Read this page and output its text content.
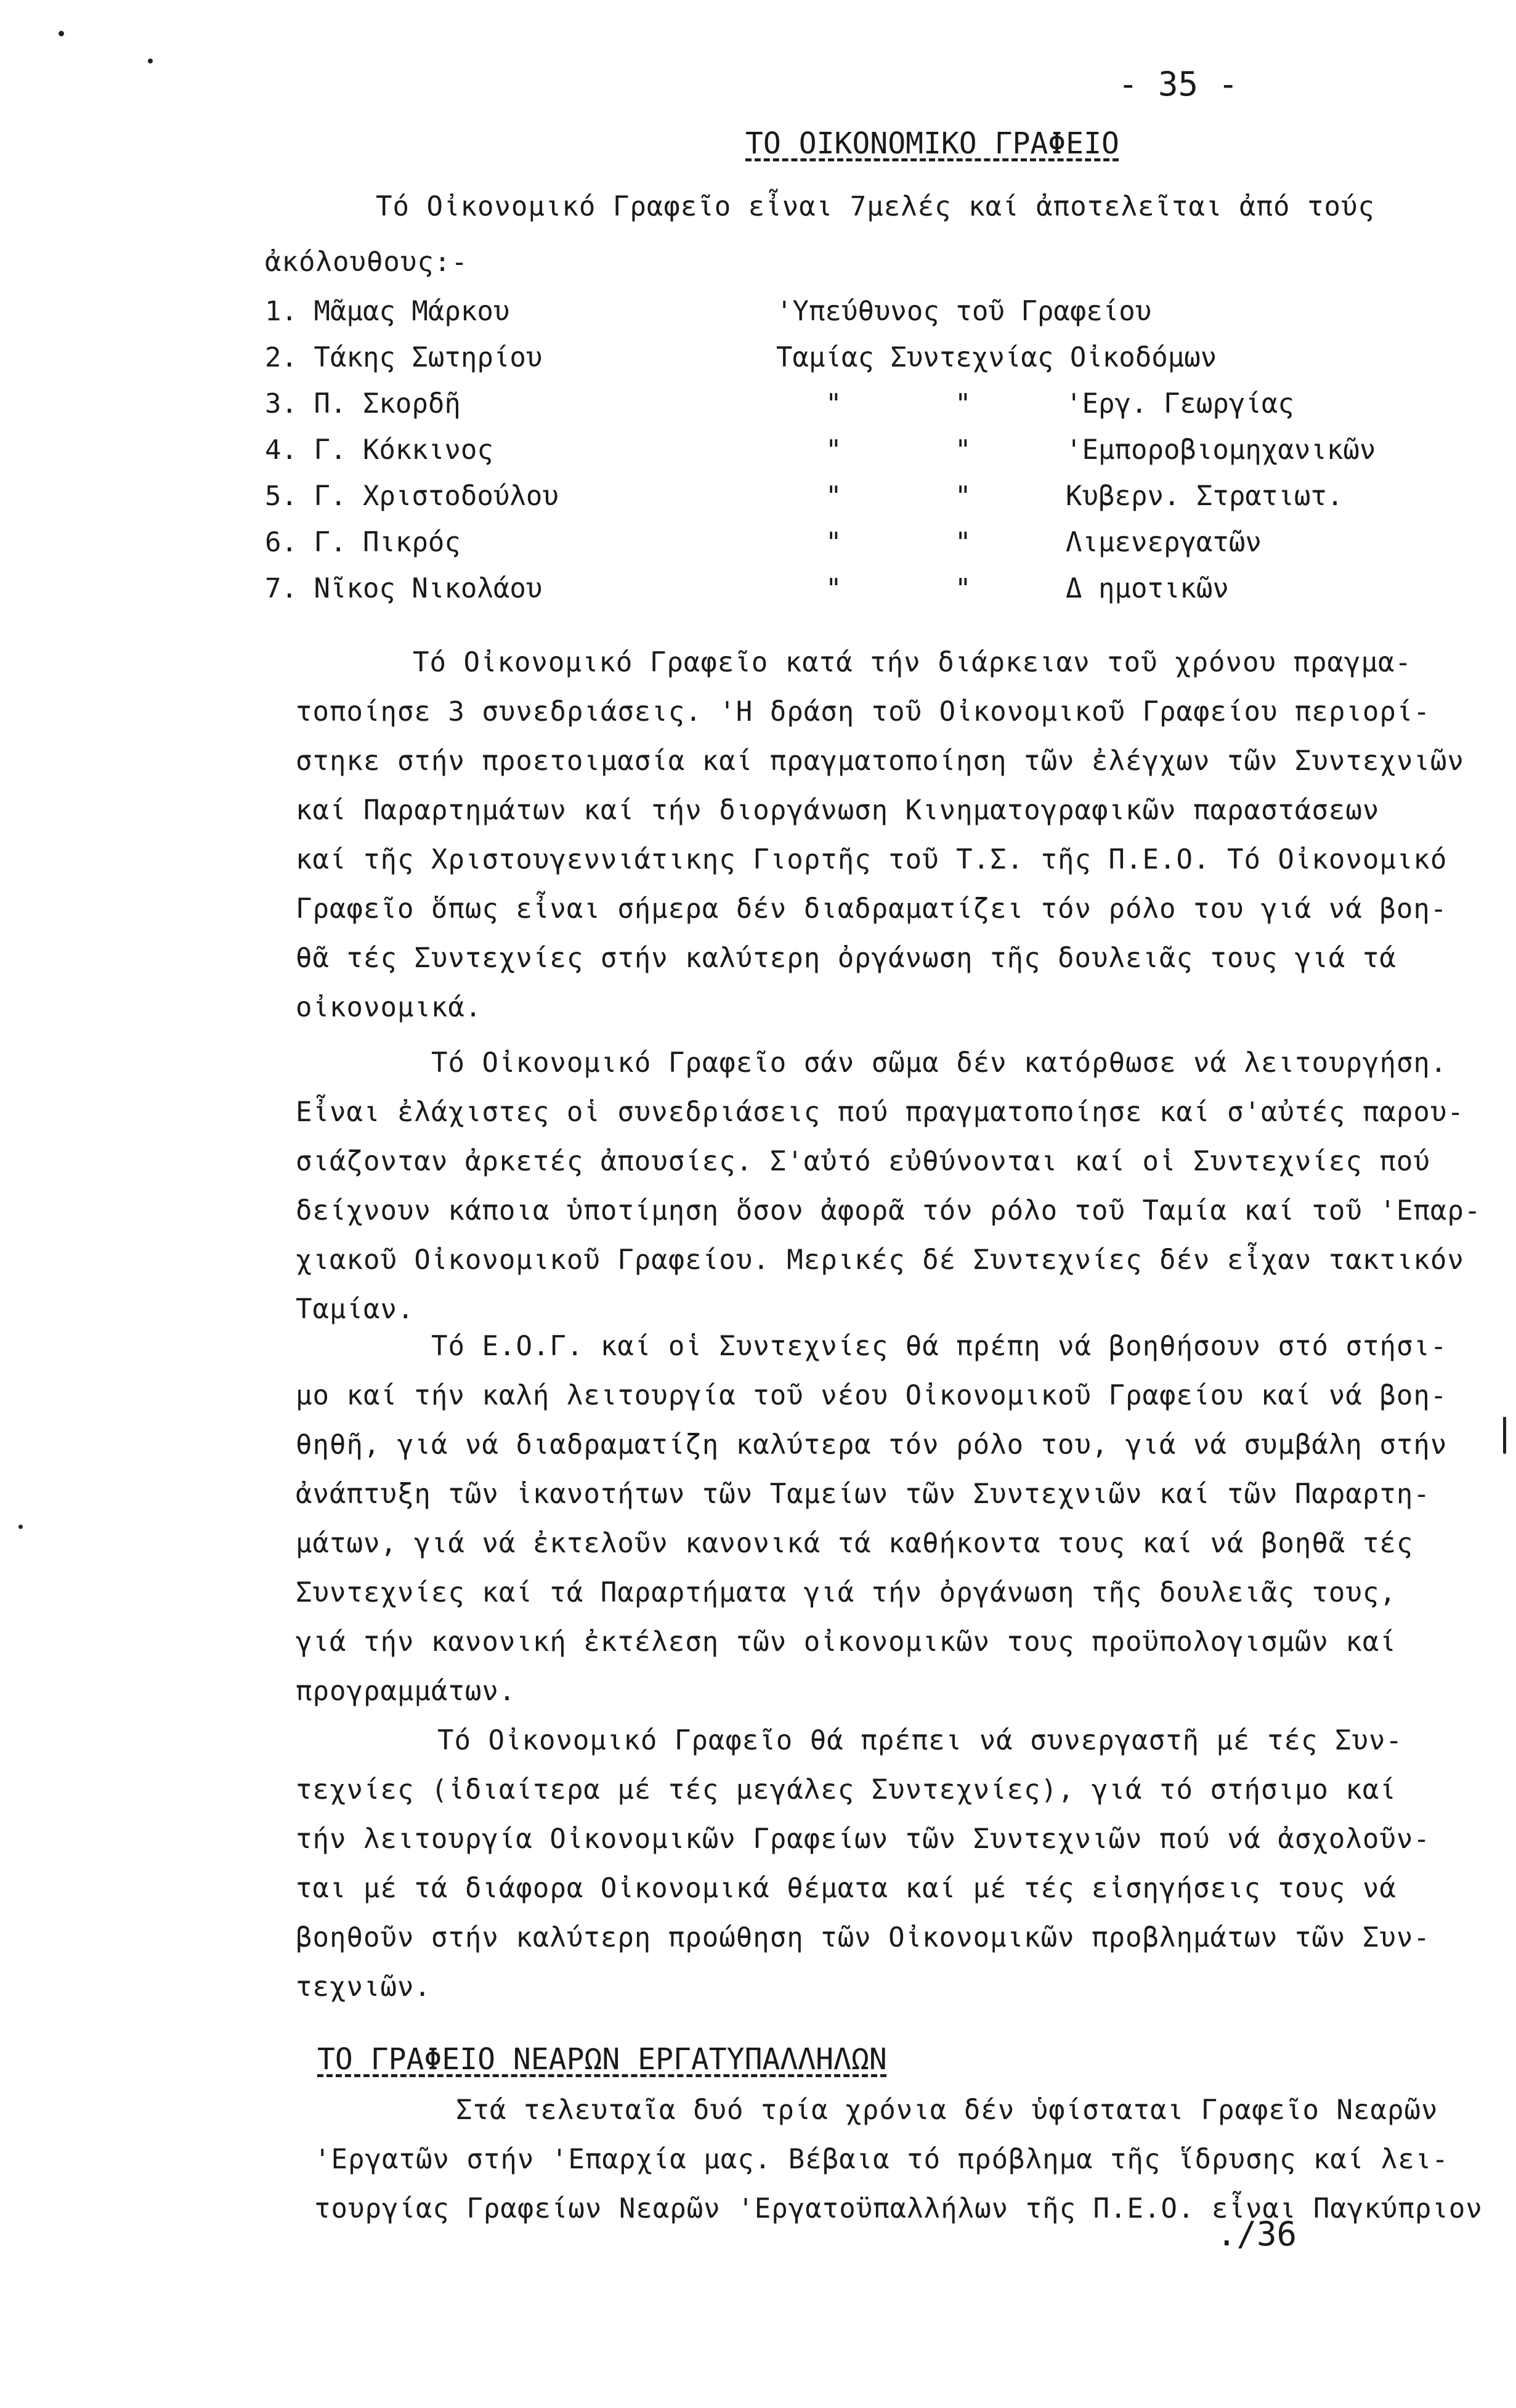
- 35 -
ΤΟ ΟΙΚΟΝΟΜΙΚΟ ΓΡΑΦΕΙΟ
Τό Οἰκονομικό Γραφεῖο εἶναι 7μελές καί ἀποτελεῖται ἀπό τούς
ἀκόλουθους:-
1. Μᾶμας Μάρκου	'Υπεύθυνος τοῦ Γραφείου
2. Τάκης Σωτηρίου	Ταμίας Συντεχνίας Οἰκοδόμων
3. Π. Σκορδῆ	"	"	'Εργ. Γεωργίας
4. Γ. Κόκκινος	"	"	'Εμποροβιομηχανικῶν
5. Γ. Χριστοδούλου	"	"	Κυβερν. Στρατιωτ.
6. Γ. Πικρός	"	"	Λιμενεργατῶν
7. Νῖκος Νικολάου	"	"	Δ ημοτικῶν
Τό Οἰκονομικό Γραφεῖο κατά τήν διάρκειαν τοῦ χρόνου πραγμα-
τοποίησε 3 συνεδριάσεις. 'Η δράση τοῦ Οἰκονομικοῦ Γραφείου περιορί-
στηκε στήν προετοιμασία καί πραγματοποίηση τῶν ἐλέγχων τῶν Συντεχνιῶν
καί Παραρτημάτων καί τήν διοργάνωση Κινηματογραφικῶν παραστάσεων
καί τῆς Χριστουγεννιάτικης Γιορτῆς τοῦ Τ.Σ. τῆς Π.Ε.Ο. Τό Οἰκονομικό
Γραφεῖο ὅπως εἶναι σήμερα δέν διαδραματίζει τόν ρόλο του γιά νά βοη-
θᾶ τές Συντεχνίες στήν καλύτερη ὀργάνωση τῆς δουλειᾶς τους γιά τά
οἰκονομικά.
Τό Οἰκονομικό Γραφεῖο σάν σῶμα δέν κατόρθωσε νά λειτουργήση.
Εἶναι ἐλάχιστες οἱ συνεδριάσεις πού πραγματοποίησε καί σ'αὐτές παρου-
σιάζονταν ἀρκετές ἀπουσίες. Σ'αὐτό εὐθύνονται καί οἱ Συντεχνίες πού
δείχνουν κάποια ὑποτίμηση ὅσον ἀφορᾶ τόν ρόλο τοῦ Ταμία καί τοῦ 'Επαρ-
χιακοῦ Οἰκονομικοῦ Γραφείου. Μερικές δέ Συντεχνίες δέν εἶχαν τακτικόν
Ταμίαν.
Τό Ε.Ο.Γ. καί οἱ Συντεχνίες θά πρέπη νά βοηθήσουν στό στήσι-
μο καί τήν καλή λειτουργία τοῦ νέου Οἰκονομικοῦ Γραφείου καί νά βοη-
θηθῆ, γιά νά διαδραματίζη καλύτερα τόν ρόλο του, γιά νά συμβάλη στήν
ἀνάπτυξη τῶν ἱκανοτήτων τῶν Ταμείων τῶν Συντεχνιῶν καί τῶν Παραρτη-
μάτων, γιά νά ἐκτελοῦν κανονικά τά καθήκοντα τους καί νά βοηθᾶ τές
Συντεχνίες καί τά Παραρτήματα γιά τήν ὀργάνωση τῆς δουλειᾶς τους,
γιά τήν κανονική ἐκτέλεση τῶν οἰκονομικῶν τους προϋπολογισμῶν καί
προγραμμάτων.
Τό Οἰκονομικό Γραφεῖο θά πρέπει νά συνεργαστῆ μέ τές Συν-
τεχνίες (ἰδιαίτερα μέ τές μεγάλες Συντεχνίες), γιά τό στήσιμο καί
τήν λειτουργία Οἰκονομικῶν Γραφείων τῶν Συντεχνιῶν πού νά ἀσχολοῦν-
ται μέ τά διάφορα Οἰκονομικά θέματα καί μέ τές εἰσηγήσεις τους νά
βοηθοῦν στήν καλύτερη προώθηση τῶν Οἰκονομικῶν προβλημάτων τῶν Συν-
τεχνιῶν.
ΤΟ ΓΡΑΦΕΙΟ ΝΕΑΡΩΝ ΕΡΓΑΤΥΠΑΛΛΗΛΩΝ
Στά τελευταῖα δυό τρία χρόνια δέν ὑφίσταται Γραφεῖο Νεαρῶν
'Εργατῶν στήν 'Επαρχία μας. Βέβαια τό πρόβλημα τῆς ἵδρυσης καί λει-
τουργίας Γραφείων Νεαρῶν 'Εργατοϋπαλλήλων τῆς Π.Ε.Ο. εἶναι Παγκύπριον
./36
